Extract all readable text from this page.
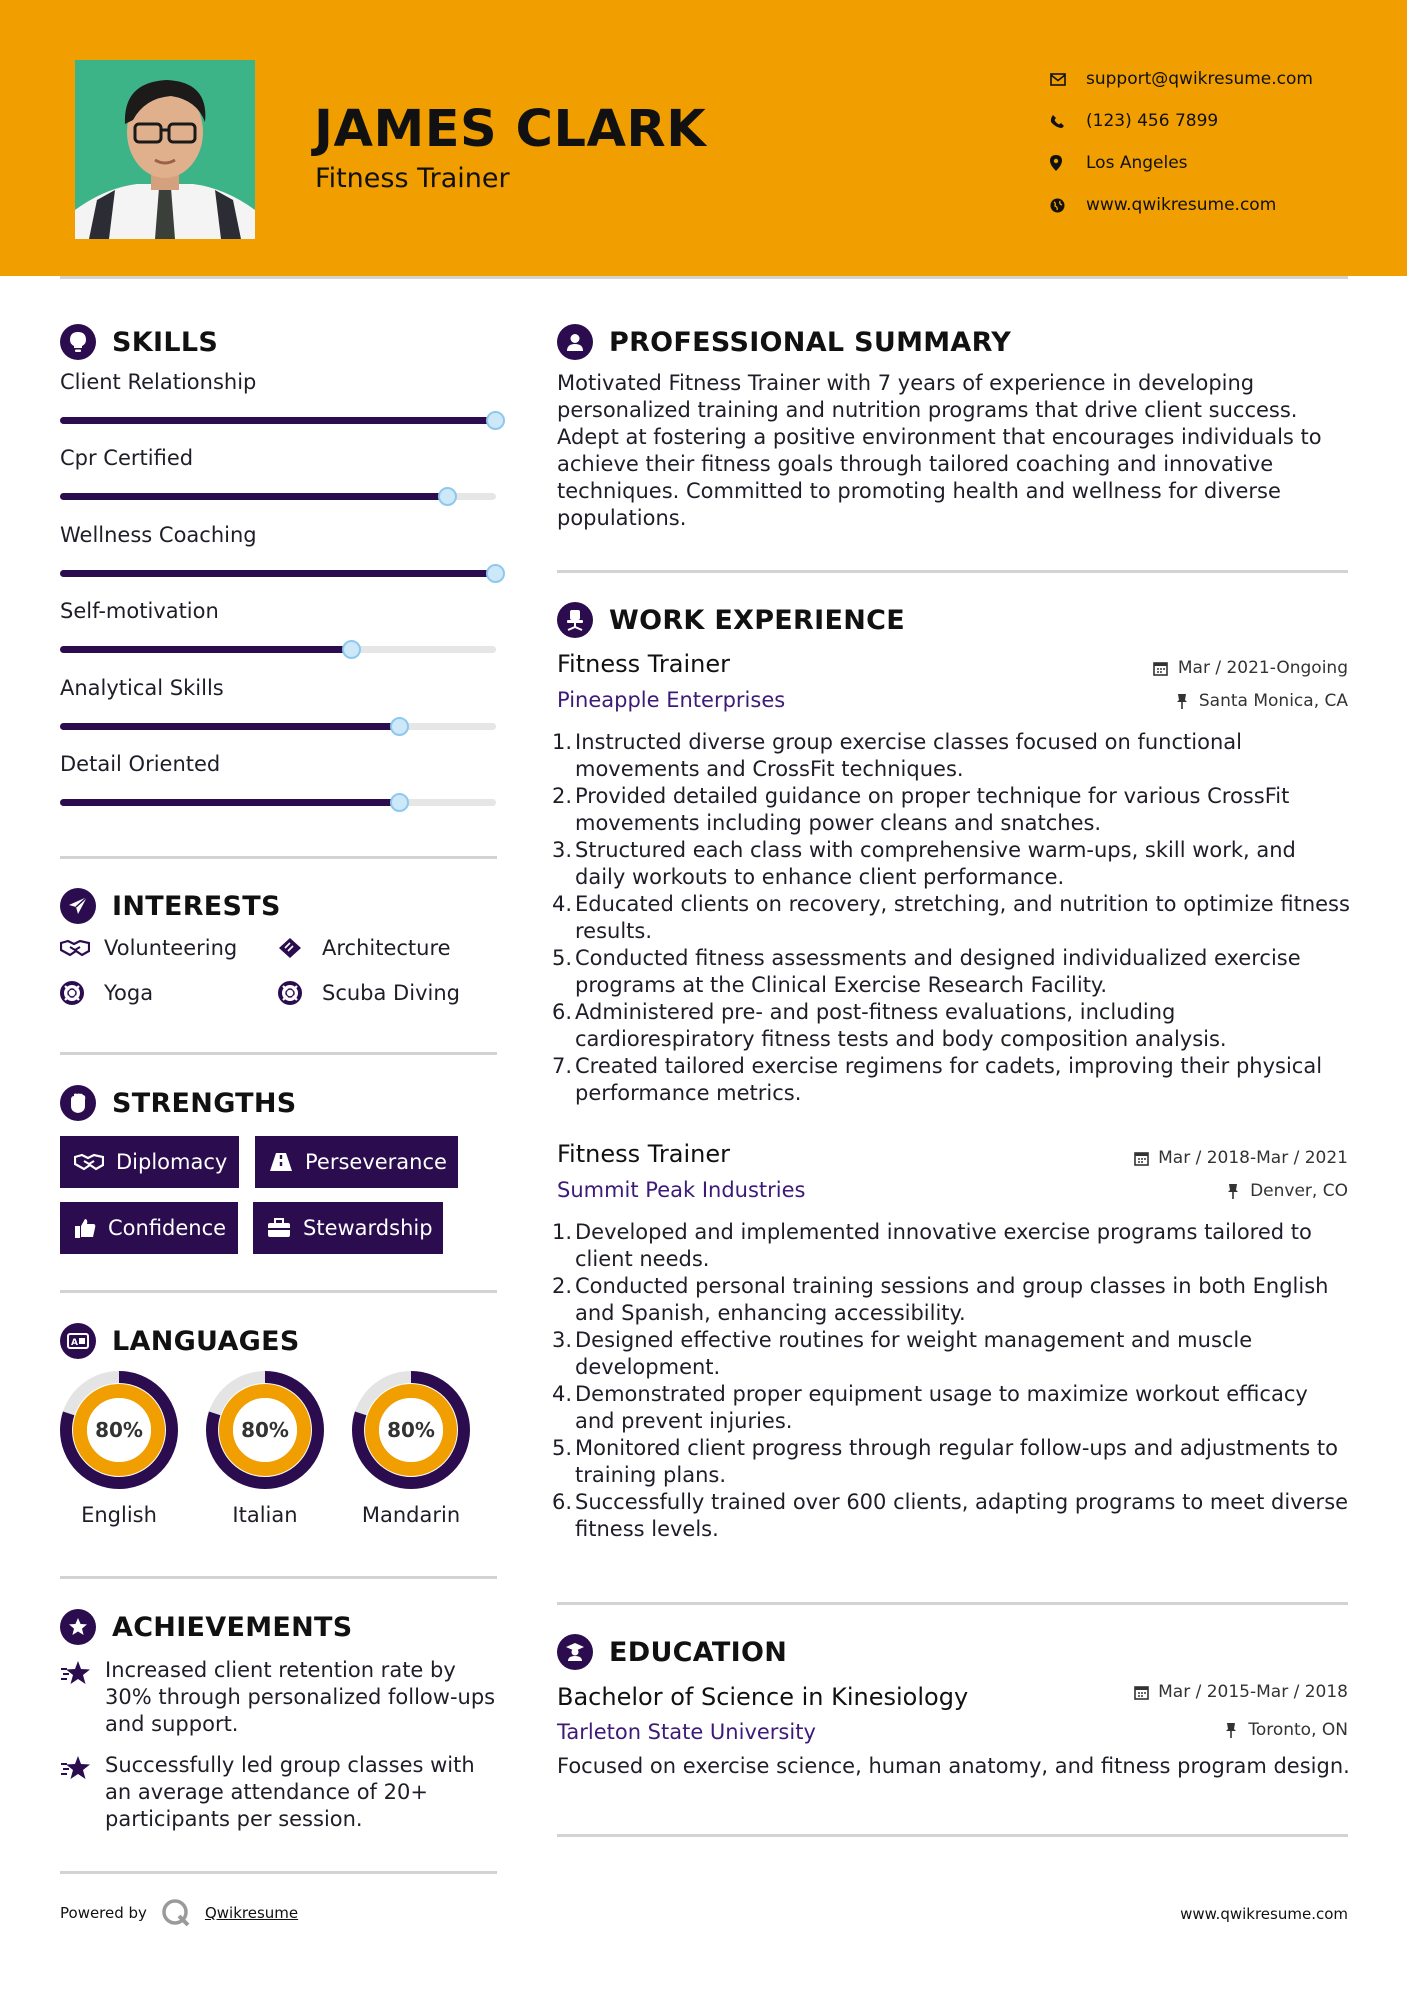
JAMES CLARK
Fitness Trainer
support@qwikresume.com
(123) 456 7899
Los Angeles
www.qwikresume.com
SKILLS
Client Relationship
Cpr Certified
Wellness Coaching
Self-motivation
Analytical Skills
Detail Oriented
INTERESTS
Volunteering	Architecture
Yoga	Scuba Diving
STRENGTHS
Diplomacy	Perseverance
Confidence	Stewardship
A LANGUAGES
80%
English
80%
Italian
80%
Mandarin
ACHIEVEMENTS
Increased client retention rate by 30% through personalized follow-ups and support.
Successfully led group classes with an average attendance of 20+ participants per session.
PROFESSIONAL SUMMARY
Motivated Fitness Trainer with 7 years of experience in developing personalized training and nutrition programs that drive client success. Adept at fostering a positive environment that encourages individuals to achieve their fitness goals through tailored coaching and innovative techniques. Committed to promoting health and wellness for diverse populations.
WORK EXPERIENCE
Fitness Trainer	Mar / 2021-Ongoing
Pineapple Enterprises	Santa Monica, CA
1. Instructed diverse group exercise classes focused on functional movements and CrossFit techniques.
2. Provided detailed guidance on proper technique for various CrossFit movements including power cleans and snatches.
3. Structured each class with comprehensive warm-ups, skill work, and daily workouts to enhance client performance.
4. Educated clients on recovery, stretching, and nutrition to optimize fitness results.
5. Conducted fitness assessments and designed individualized exercise programs at the Clinical Exercise Research Facility.
6. Administered pre- and post-fitness evaluations, including cardiorespiratory fitness tests and body composition analysis.
7. Created tailored exercise regimens for cadets, improving their physical performance metrics.
Fitness Trainer	Mar / 2018-Mar / 2021
Summit Peak Industries	Denver, CO
1. Developed and implemented innovative exercise programs tailored to client needs.
2. Conducted personal training sessions and group classes in both English and Spanish, enhancing accessibility.
3. Designed effective routines for weight management and muscle development.
4. Demonstrated proper equipment usage to maximize workout efficacy and prevent injuries.
5. Monitored client progress through regular follow-ups and adjustments to training plans.
6. Successfully trained over 600 clients, adapting programs to meet diverse fitness levels.
EDUCATION
Bachelor of Science in Kinesiology	Mar / 2015-Mar / 2018
Tarleton State University	Toronto, ON
Focused on exercise science, human anatomy, and fitness program design.
Powered by	Qwikresume	www.qwikresume.com
